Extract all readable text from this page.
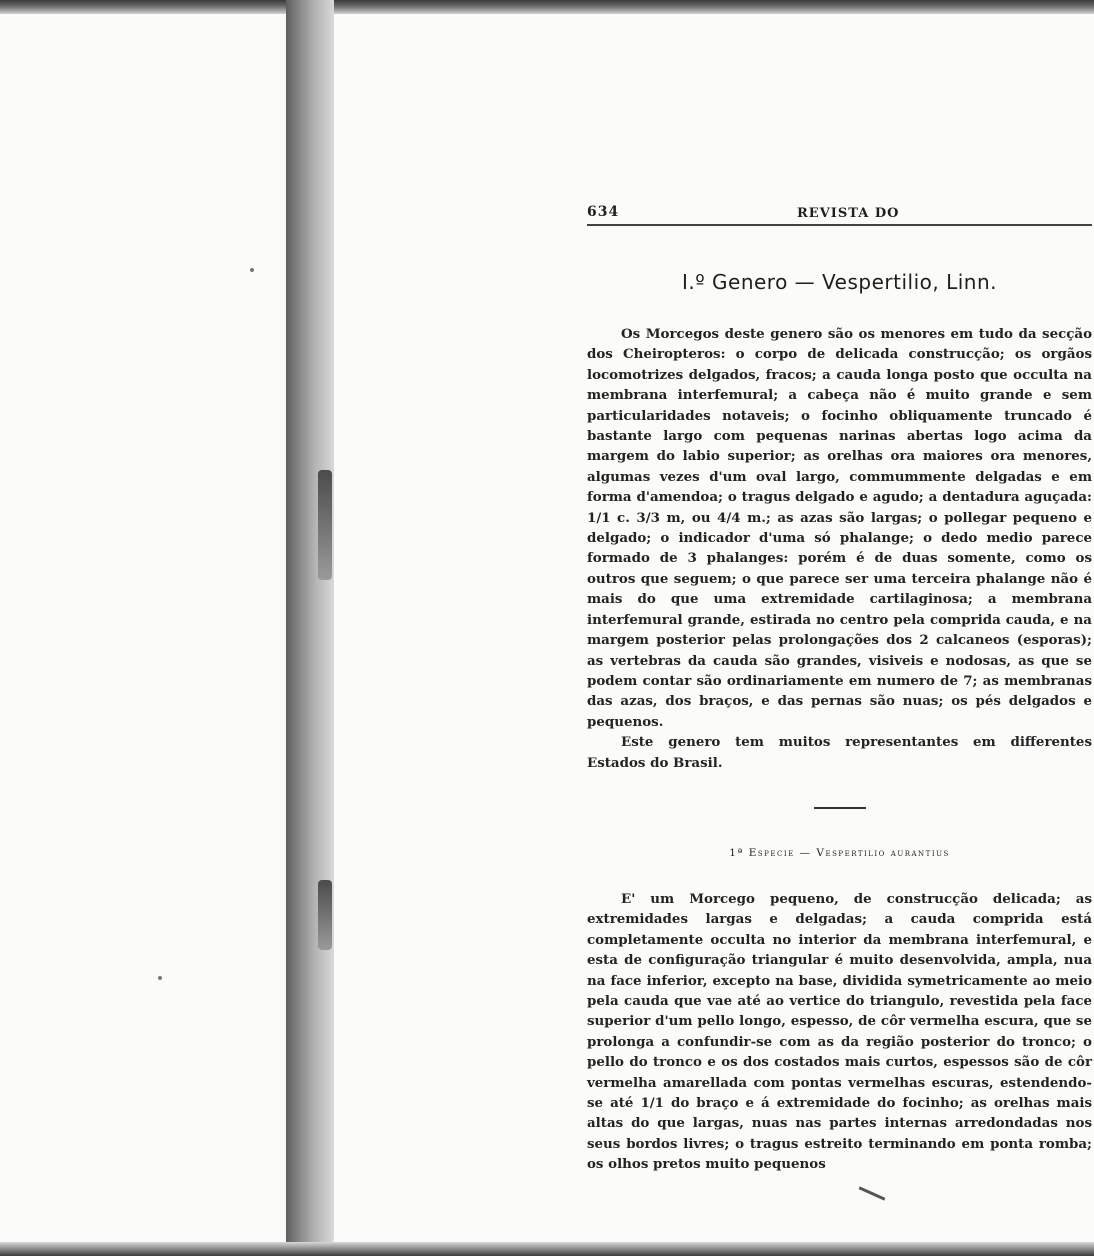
634	REVISTA DO
I.º Genero — Vespertilio, Linn.

Os Morcegos deste genero são os menores em tudo da secção dos Cheiropteros: o corpo de delicada construcção; os orgãos locomotrizes delgados, fracos; a cauda longa posto que occulta na membrana interfemural; a cabeça não é muito grande e sem particularidades notaveis; o focinho obliquamente truncado é bastante largo com pequenas narinas abertas logo acima da margem do labio superior; as orelhas ora maiores ora menores, algumas vezes d'um oval largo, commummente delgadas e em forma d'amendoa; o tragus delgado e agudo; a dentadura aguçada: 1/1 c. 3/3 m, ou 4/4 m.; as azas são largas; o pollegar pequeno e delgado; o indicador d'uma só phalange; o dedo medio parece formado de 3 phalanges: porém é de duas somente, como os outros que seguem; o que parece ser uma terceira phalange não é mais do que uma extremidade cartilaginosa; a membrana interfemural grande, estirada no centro pela comprida cauda, e na margem posterior pelas prolongações dos 2 calcaneos (esporas); as vertebras da cauda são grandes, visiveis e nodosas, as que se podem contar são ordinariamente em numero de 7; as membranas das azas, dos braços, e das pernas são nuas; os pés delgados e pequenos.

Este genero tem muitos representantes em differentes Estados do Brasil.

1ª Especie — Vespertilio aurantius

E' um Morcego pequeno, de construcção delicada; as extremidades largas e delgadas; a cauda comprida está completamente occulta no interior da membrana interfemural, e esta de configuração triangular é muito desenvolvida, ampla, nua na face inferior, excepto na base, dividida symetricamente ao meio pela cauda que vae até ao vertice do triangulo, revestida pela face superior d'um pello longo, espesso, de côr vermelha escura, que se prolonga a confundir-se com as da região posterior do tronco; o pello do tronco e os dos costados mais curtos, espessos são de côr vermelha amarellada com pontas vermelhas escuras, estendendo-se até 1/1 do braço e á extremidade do focinho; as orelhas mais altas do que largas, nuas nas partes internas arredondadas nos seus bordos livres; o tragus estreito terminando em ponta romba; os olhos pretos muito pequenos
